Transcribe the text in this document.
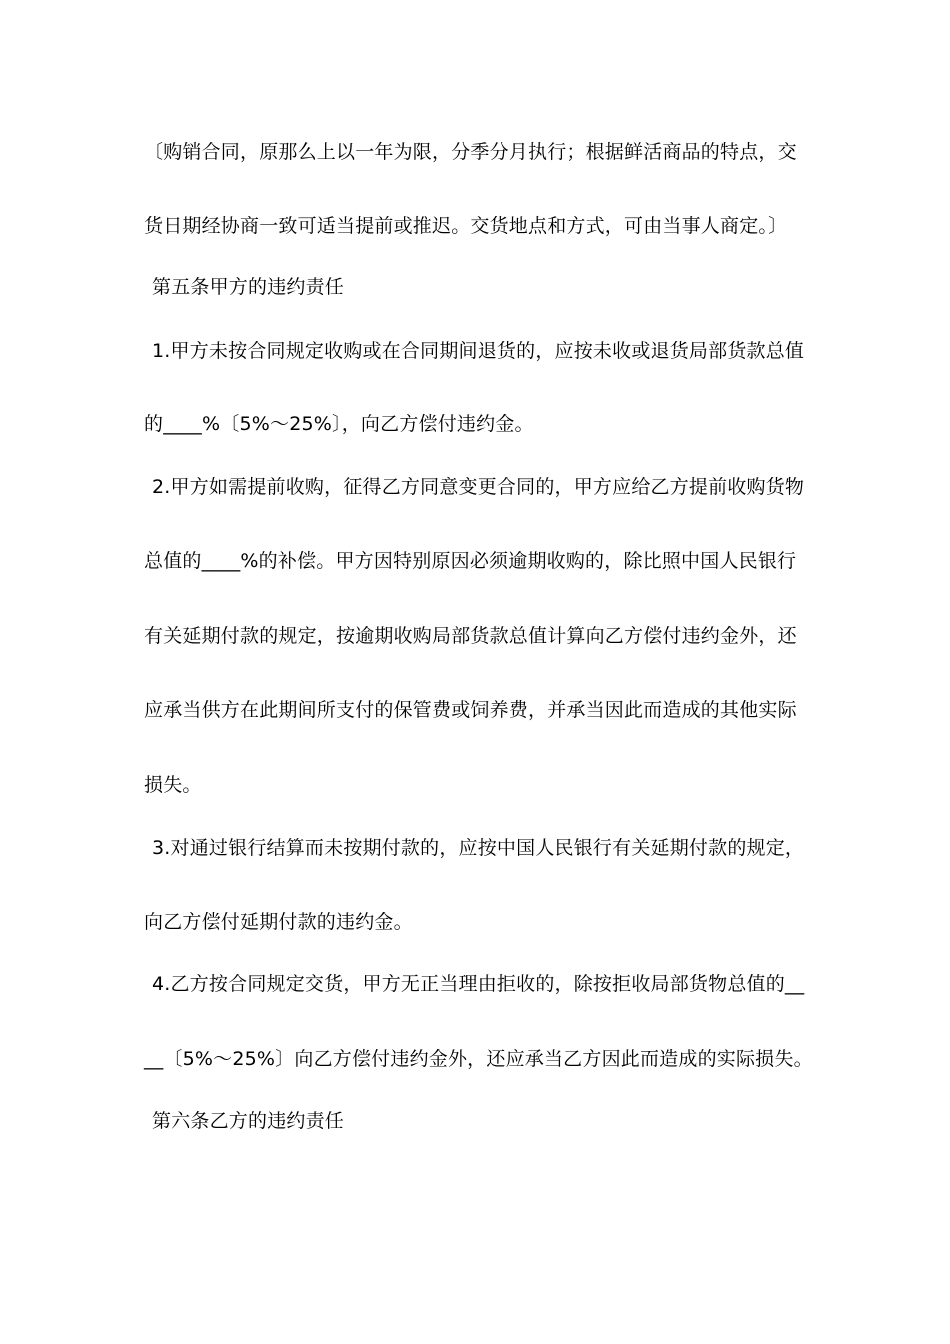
〔购销合同，原那么上以一年为限，分季分月执行；根据鲜活商品的特点，交

货日期经协商一致可适当提前或推迟。交货地点和方式，可由当事人商定。〕

第五条甲方的违约责任

1.甲方未按合同规定收购或在合同期间退货的，应按未收或退货局部货款总值

的____%〔5%～25%〕，向乙方偿付违约金。

2.甲方如需提前收购，征得乙方同意变更合同的，甲方应给乙方提前收购货物

总值的____%的补偿。甲方因特别原因必须逾期收购的，除比照中国人民银行

有关延期付款的规定，按逾期收购局部货款总值计算向乙方偿付违约金外，还

应承当供方在此期间所支付的保管费或饲养费，并承当因此而造成的其他实际

损失。

3.对通过银行结算而未按期付款的，应按中国人民银行有关延期付款的规定，

向乙方偿付延期付款的违约金。

4.乙方按合同规定交货，甲方无正当理由拒收的，除按拒收局部货物总值的__

__〔5%～25%〕向乙方偿付违约金外，还应承当乙方因此而造成的实际损失。

第六条乙方的违约责任
